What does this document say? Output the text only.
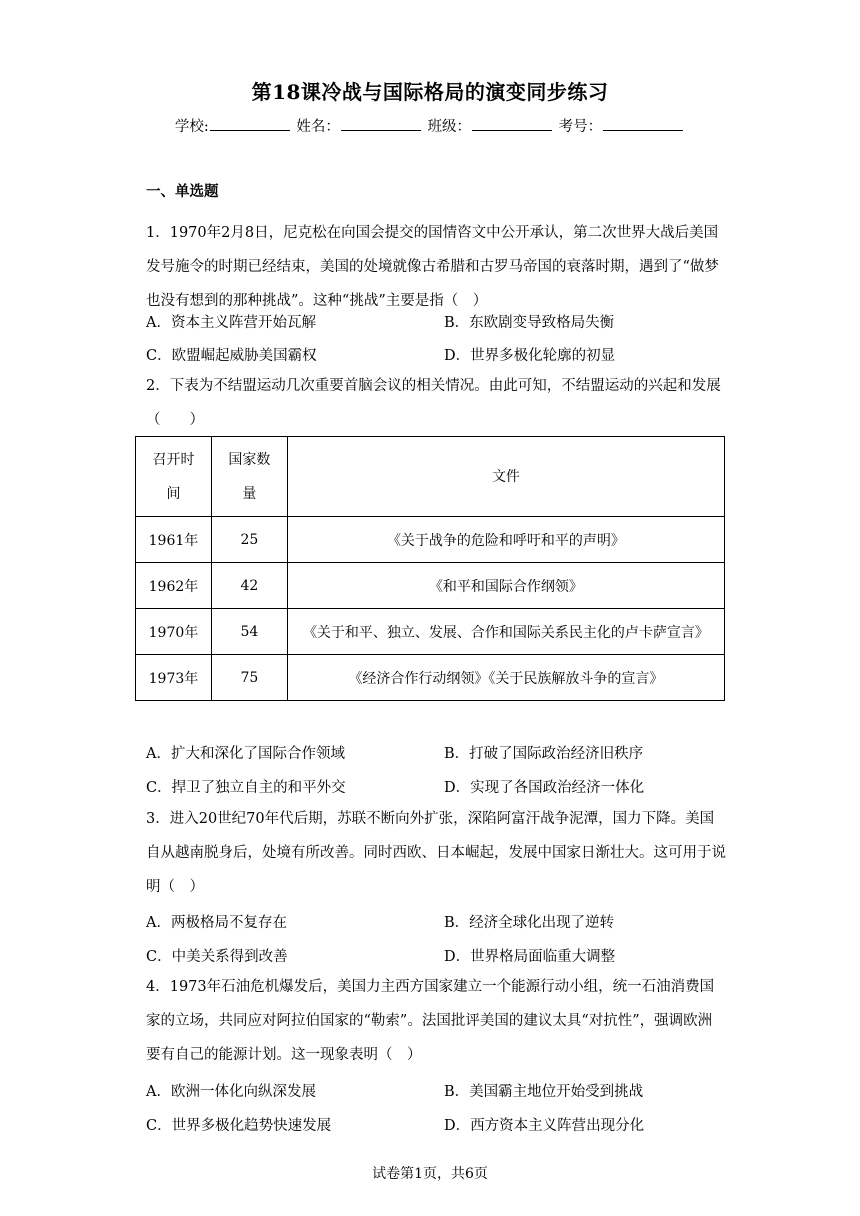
第18课冷战与国际格局的演变同步练习
学校:	姓名：	班级：	考号：
一、单选题
1．1970年2月8日，尼克松在向国会提交的国情咨文中公开承认，第二次世界大战后美国发号施令的时期已经结束，美国的处境就像古希腊和古罗马帝国的衰落时期，遇到了“做梦也没有想到的那种挑战”。这种“挑战”主要是指（　）
A．资本主义阵营开始瓦解	B．东欧剧变导致格局失衡
C．欧盟崛起威胁美国霸权	D．世界多极化轮廓的初显
2．下表为不结盟运动几次重要首脑会议的相关情况。由此可知，不结盟运动的兴起和发展（　　）
召开时间	国家数量	文件
1961年	25	《关于战争的危险和呼吁和平的声明》
1962年	42	《和平和国际合作纲领》
1970年	54	《关于和平、独立、发展、合作和国际关系民主化的卢卡萨宣言》
1973年	75	《经济合作行动纲领》《关于民族解放斗争的宣言》
A．扩大和深化了国际合作领域	B．打破了国际政治经济旧秩序
C．捍卫了独立自主的和平外交	D．实现了各国政治经济一体化
3．进入20世纪70年代后期，苏联不断向外扩张，深陷阿富汗战争泥潭，国力下降。美国自从越南脱身后，处境有所改善。同时西欧、日本崛起，发展中国家日渐壮大。这可用于说明（　）
A．两极格局不复存在	B．经济全球化出现了逆转
C．中美关系得到改善	D．世界格局面临重大调整
4．1973年石油危机爆发后，美国力主西方国家建立一个能源行动小组，统一石油消费国家的立场，共同应对阿拉伯国家的“勒索”。法国批评美国的建议太具“对抗性”，强调欧洲要有自己的能源计划。这一现象表明（　）
A．欧洲一体化向纵深发展	B．美国霸主地位开始受到挑战
C．世界多极化趋势快速发展	D．西方资本主义阵营出现分化
试卷第1页，共6页
